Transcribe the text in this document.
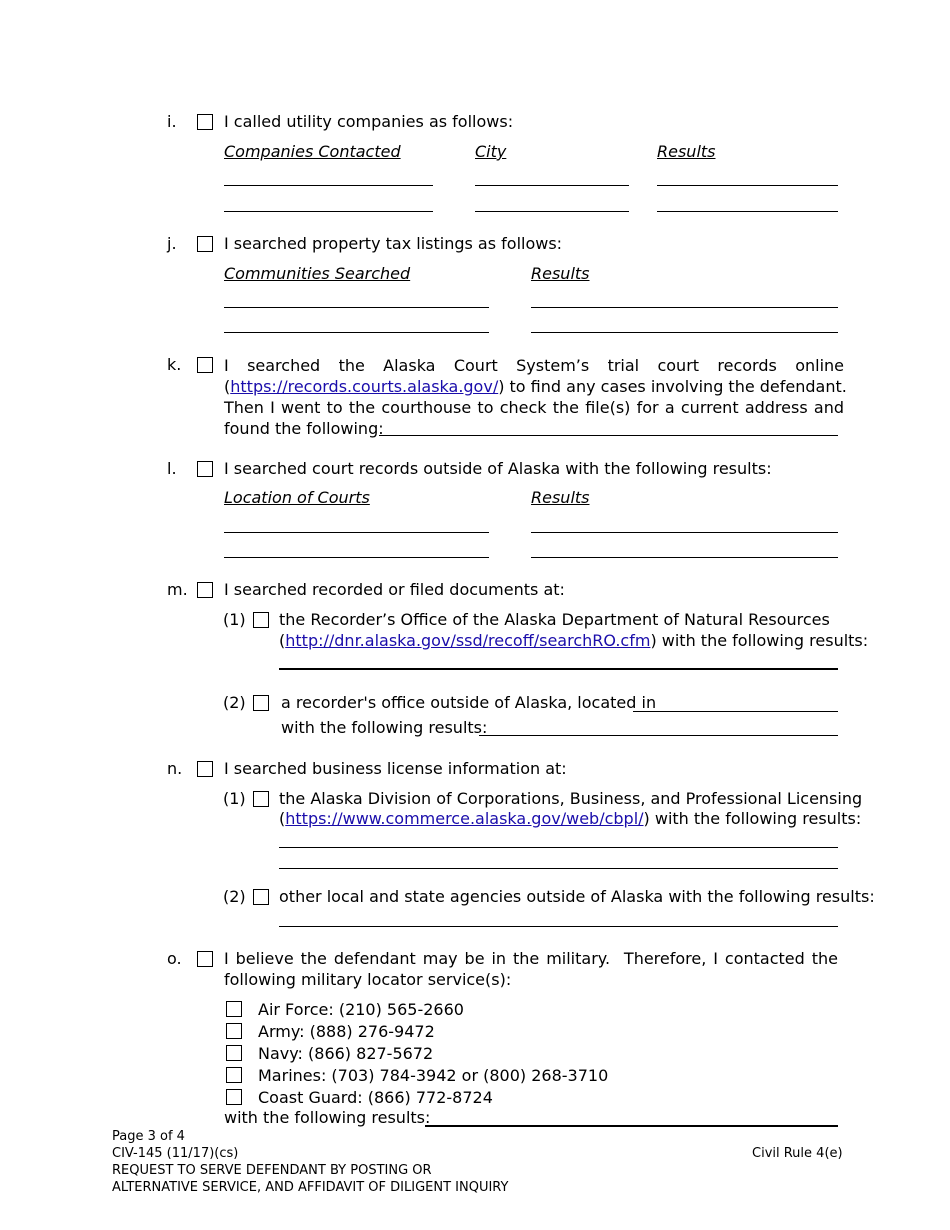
i.	I called utility companies as follows:
Companies Contacted	City	Results
j.	I searched property tax listings as follows:
Communities Searched	Results
k.	I searched the Alaska Court System’s trial court records online
(https://records.courts.alaska.gov/) to find any cases involving the defendant.
Then I went to the courthouse to check the file(s) for a current address and
found the following:
l.	I searched court records outside of Alaska with the following results:
Location of Courts	Results
m. I searched recorded or filed documents at:
(1) the Recorder’s Office of the Alaska Department of Natural Resources
(http://dnr.alaska.gov/ssd/recoff/searchRO.cfm) with the following results:
(2) a recorder's office outside of Alaska, located in
with the following results:
n.	I searched business license information at:
(1) the Alaska Division of Corporations, Business, and Professional Licensing
(https://www.commerce.alaska.gov/web/cbpl/) with the following results:
(2) other local and state agencies outside of Alaska with the following results:
o.	I believe the defendant may be in the military.  Therefore, I contacted the
following military locator service(s):
Air Force: (210) 565-2660
Army: (888) 276-9472
Navy: (866) 827-5672
Marines: (703) 784-3942 or (800) 268-3710
Coast Guard: (866) 772-8724
with the following results:
Page 3 of 4
CIV-145 (11/17)(cs)
REQUEST TO SERVE DEFENDANT BY POSTING OR
ALTERNATIVE SERVICE, AND AFFIDAVIT OF DILIGENT INQUIRY
Civil Rule 4(e)
